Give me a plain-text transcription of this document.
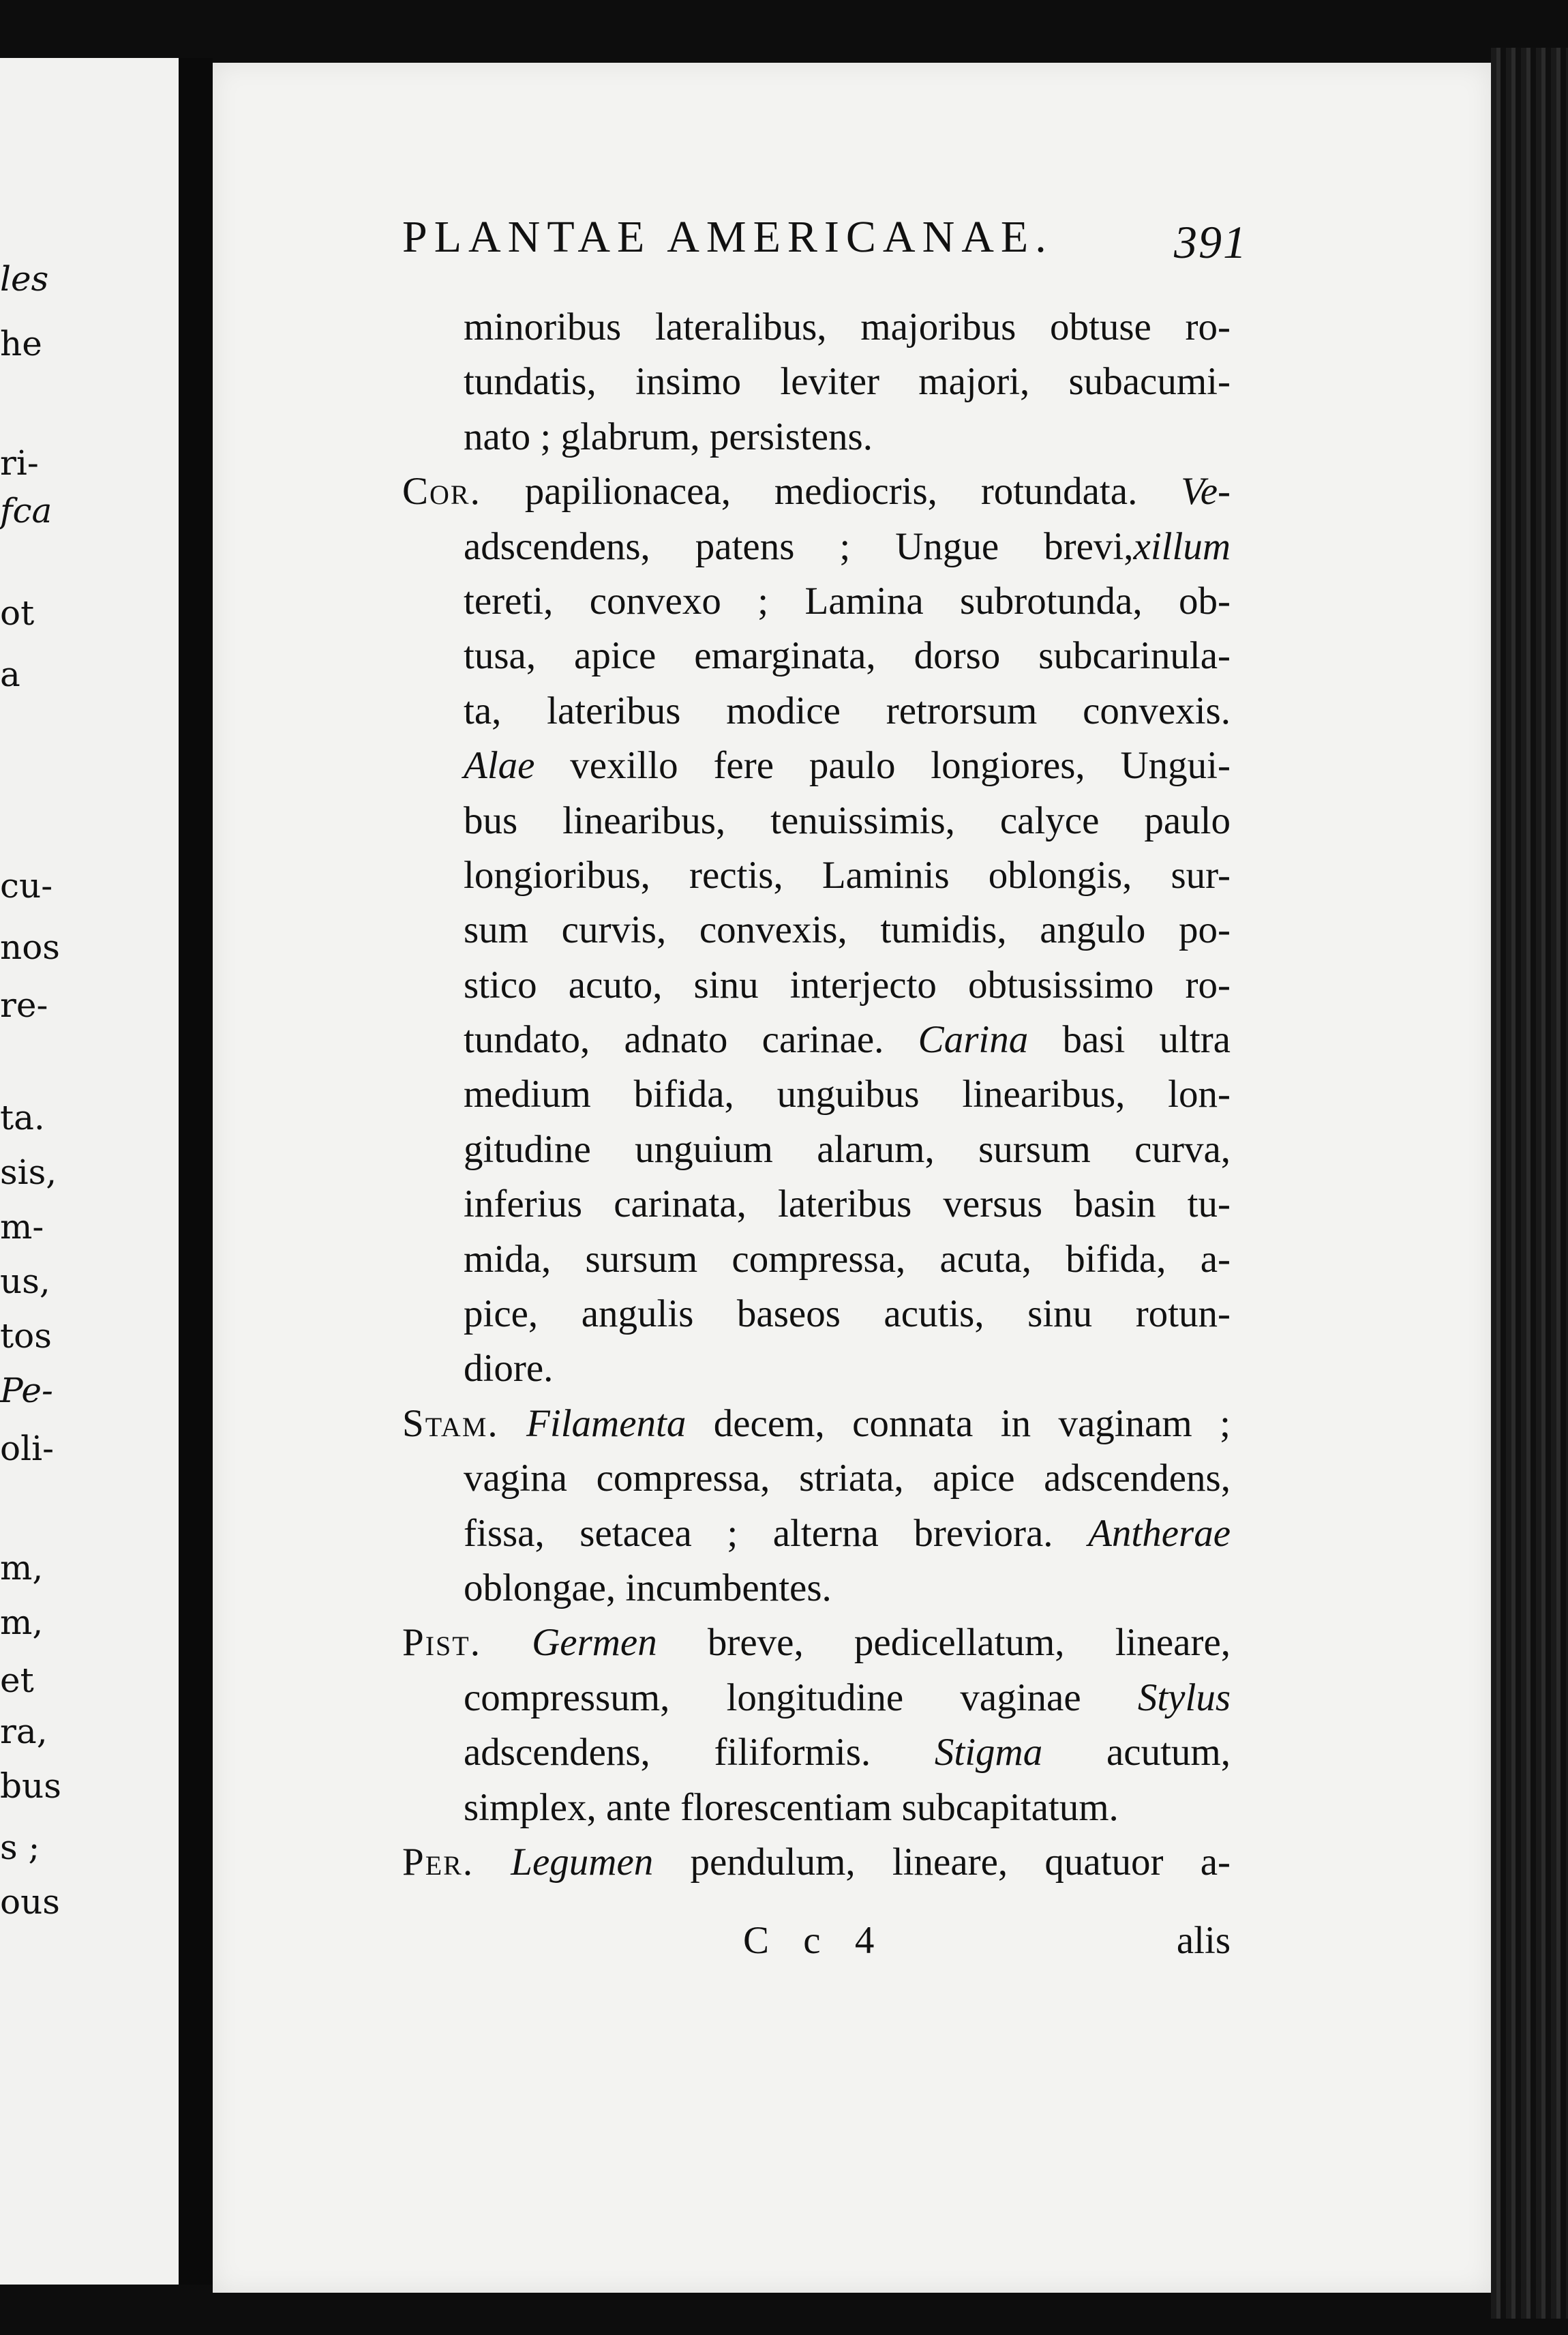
les
he
ri-
fca
ot
a
cu-
nos
re-
ta.
sis,
m-
us,
tos
Pe-
oli-
m,
m,
et
ra,
bus
s ;
ous
PLANTAE AMERICANAE.	391
minoribus lateralibus, majoribus obtuse ro-
tundatis, insimo leviter majori, subacumi-
nato ; glabrum, persistens.
Cor. papilionacea, mediocris, rotundata. Ve-
adscendens, patens ; Ungue brevi,xillum
tereti, convexo ; Lamina subrotunda, ob-
tusa, apice emarginata, dorso subcarinula-
ta, lateribus modice retrorsum convexis.
Alae vexillo fere paulo longiores, Ungui-
bus linearibus, tenuissimis, calyce paulo
longioribus, rectis, Laminis oblongis, sur-
sum curvis, convexis, tumidis, angulo po-
stico acuto, sinu interjecto obtusissimo ro-
tundato, adnato carinae. Carina basi ultra
medium bifida, unguibus linearibus, lon-
gitudine unguium alarum, sursum curva,
inferius carinata, lateribus versus basin tu-
mida, sursum compressa, acuta, bifida, a-
pice, angulis baseos acutis, sinu rotun-
diore.
Stam. Filamenta decem, connata in vaginam ;
vagina compressa, striata, apice adscendens,
fissa, setacea ; alterna breviora. Antherae
oblongae, incumbentes.
Pist. Germen breve, pedicellatum, lineare,
compressum, longitudine vaginae Stylus
adscendens, filiformis. Stigma acutum,
simplex, ante florescentiam subcapitatum.
Per. Legumen pendulum, lineare, quatuor a-
C c 4	alis
